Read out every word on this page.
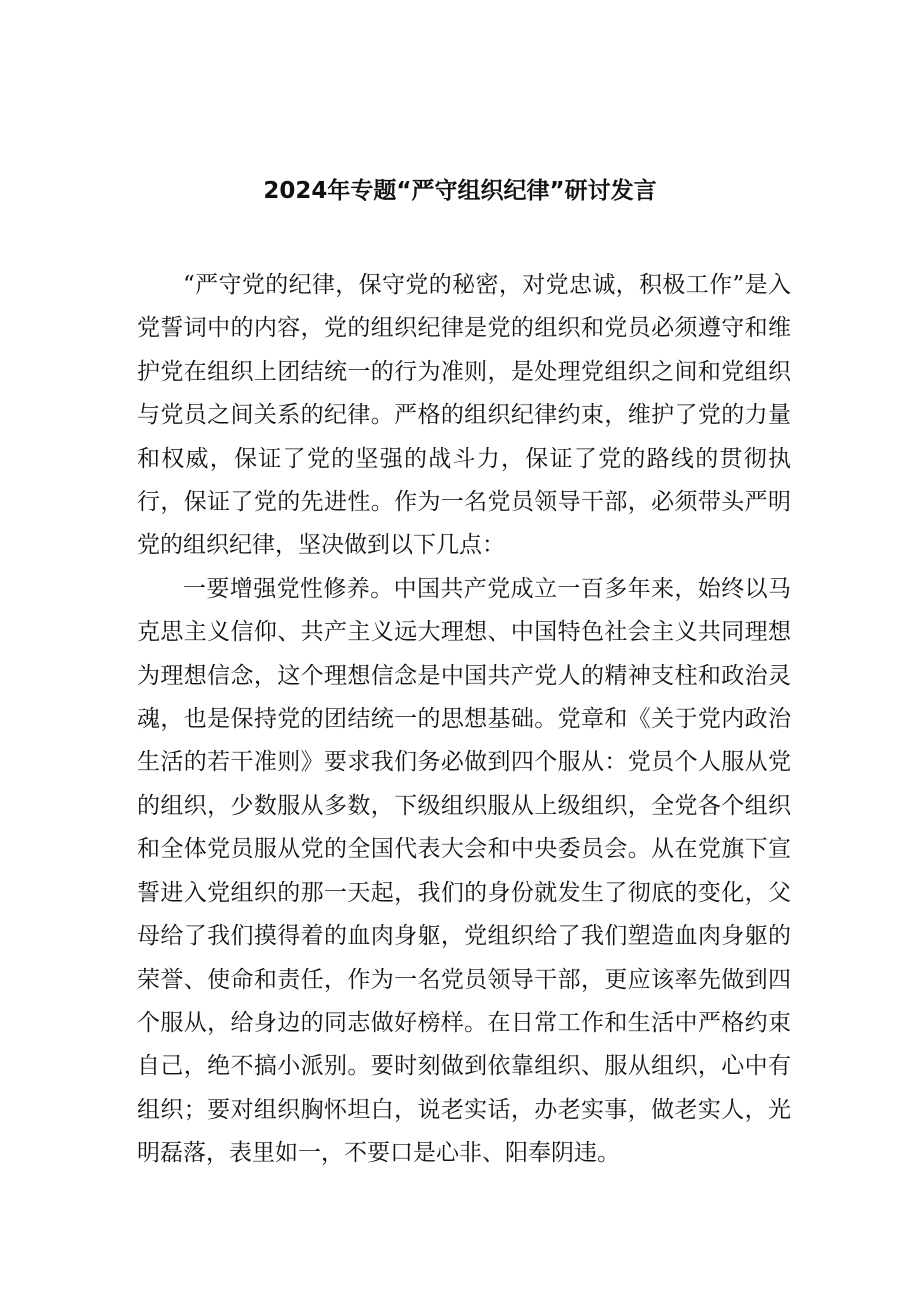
2024年专题“严守组织纪律”研讨发言

“严守党的纪律，保守党的秘密，对党忠诚，积极工作”是入党誓词中的内容，党的组织纪律是党的组织和党员必须遵守和维护党在组织上团结统一的行为准则，是处理党组织之间和党组织与党员之间关系的纪律。严格的组织纪律约束，维护了党的力量和权威，保证了党的坚强的战斗力，保证了党的路线的贯彻执行，保证了党的先进性。作为一名党员领导干部，必须带头严明党的组织纪律，坚决做到以下几点：

一要增强党性修养。中国共产党成立一百多年来，始终以马克思主义信仰、共产主义远大理想、中国特色社会主义共同理想为理想信念，这个理想信念是中国共产党人的精神支柱和政治灵魂，也是保持党的团结统一的思想基础。党章和《关于党内政治生活的若干准则》要求我们务必做到四个服从：党员个人服从党的组织，少数服从多数，下级组织服从上级组织，全党各个组织和全体党员服从党的全国代表大会和中央委员会。从在党旗下宣誓进入党组织的那一天起，我们的身份就发生了彻底的变化，父母给了我们摸得着的血肉身躯，党组织给了我们塑造血肉身躯的荣誉、使命和责任，作为一名党员领导干部，更应该率先做到四个服从，给身边的同志做好榜样。在日常工作和生活中严格约束自己，绝不搞小派别。要时刻做到依靠组织、服从组织，心中有组织；要对组织胸怀坦白，说老实话，办老实事，做老实人，光明磊落，表里如一，不要口是心非、阳奉阴违。
